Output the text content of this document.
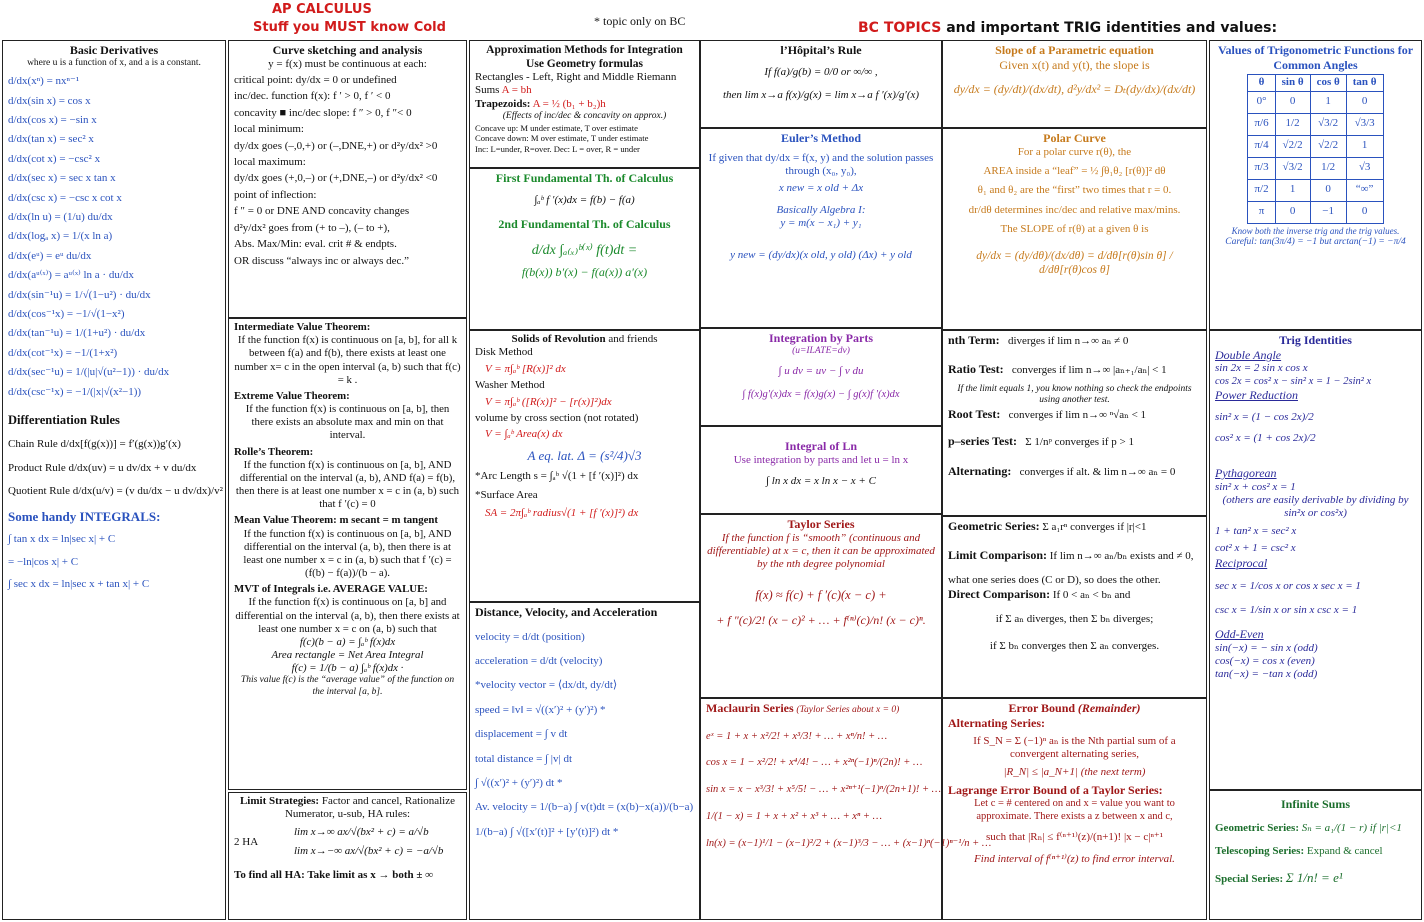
AP CALCULUS
Stuff you MUST know Cold	* topic only on BC	BC TOPICS and important TRIG identities and values:
Basic Derivatives
where u is a function of x, and a is a constant.
d/dx(xⁿ) = nxⁿ⁻¹
d/dx(sin x) = cos x
d/dx(cos x) = −sin x
d/dx(tan x) = sec² x
d/dx(cot x) = −csc² x
d/dx(sec x) = sec x tan x
d/dx(csc x) = −csc x cot x
d/dx(ln u) = (1/u) du/dx
d/dx(logₐ x) = 1/(x ln a)
d/dx(eᵘ) = eᵘ du/dx
d/dx(aᵘ⁽ˣ⁾) = aᵘ⁽ˣ⁾ ln a · du/dx
d/dx(sin⁻¹u) = 1/√(1−u²) · du/dx
d/dx(cos⁻¹x) = −1/√(1−x²)
d/dx(tan⁻¹u) = 1/(1+u²) · du/dx
d/dx(cot⁻¹x) = −1/(1+x²)
d/dx(sec⁻¹u) = 1/(|u|√(u²−1)) · du/dx
d/dx(csc⁻¹x) = −1/(|x|√(x²−1))
Differentiation Rules
Chain Rule d/dx[f(g(x))] = f′(g(x))g′(x)
Product Rule d/dx(uv) = u dv/dx + v du/dx
Quotient Rule d/dx(u/v) = (v du/dx − u dv/dx)/v²
Some handy INTEGRALS:
∫ tan x dx = ln|sec x| + C
= −ln|cos x| + C
∫ sec x dx = ln|sec x + tan x| + C
Curve sketching and analysis
y = f(x) must be continuous at each:
critical point: dy/dx = 0 or undefined
inc/dec. function f(x): f ′ > 0, f ′ < 0
concavity ■ inc/dec slope: f ″ > 0, f ″< 0
local minimum:
dy/dx goes (–,0,+) or (–,DNE,+) or d²y/dx² >0
local maximum:
dy/dx goes (+,0,–) or (+,DNE,–) or d²y/dx² <0
point of inflection:
f ″ = 0 or DNE AND concavity changes
d²y/dx² goes from (+ to –), (– to +),
Abs. Max/Min: eval. crit # & endpts.
OR discuss “always inc or always dec.”
Intermediate Value Theorem:
If the function f(x) is continuous on [a, b], for all k between f(a) and f(b), there exists at least one number x= c in the open interval (a, b) such that f(c) = k .
Extreme Value Theorem:
If the function f(x) is continuous on [a, b], then there exists an absolute max and min on that interval.
Rolle’s Theorem:
If the function f(x) is continuous on [a, b], AND differential on the interval (a, b), AND f(a) = f(b), then there is at least one number x = c in (a, b) such that f ′(c) = 0
Mean Value Theorem: m secant = m tangent
If the function f(x) is continuous on [a, b], AND differential on the interval (a, b), then there is at least one number x = c in (a, b) such that f ′(c) = (f(b) − f(a))/(b − a).
MVT of Integrals i.e. AVERAGE VALUE:
If the function f(x) is continuous on [a, b] and differential on the interval (a, b), then there exists at least one number x = c on (a, b) such that
f(c)(b − a) = ∫ₐᵇ f(x)dx
Area rectangle = Net Area Integral
f(c) = 1/(b − a) ∫ₐᵇ f(x)dx ·
This value f(c) is the “average value” of the function on the interval [a, b].
Limit Strategies: Factor and cancel, Rationalize Numerator, u-sub, HA rules:
2 HA
lim x→∞ ax/√(bx² + c) = a/√b
lim x→−∞ ax/√(bx² + c) = −a/√b
To find all HA: Take limit as x → both ± ∞
Approximation Methods for Integration
Use Geometry formulas
Rectangles - Left, Right and Middle Riemann Sums A = bh
Trapezoids: A = ½ (b₁ + b₂)h
(Effects of inc/dec & concavity on approx.)
Concave up: M under estimate, T over estimate
Concave down: M over estimate, T under estimate
Inc: L=under, R=over. Dec: L = over, R = under
First Fundamental Th. of Calculus
∫ₐᵇ f ′(x)dx = f(b) − f(a)
2nd Fundamental Th. of Calculus
d/dx ∫ₐ₍ₓ₎ᵇ⁽ˣ⁾ f(t)dt =
f(b(x)) b′(x) − f(a(x)) a′(x)
Solids of Revolution and friends
Disk Method
V = π∫ₐᵇ [R(x)]² dx
Washer Method
V = π∫ₐᵇ ([R(x)]² − [r(x)]²)dx
volume by cross section (not rotated)
V = ∫ₐᵇ Area(x) dx
A eq. lat. Δ = (s²/4)√3
*Arc Length s = ∫ₐᵇ √(1 + [f ′(x)]²) dx
*Surface Area
SA = 2π∫ₐᵇ radius√(1 + [f ′(x)]²) dx
Distance, Velocity, and Acceleration
velocity = d/dt (position)
acceleration = d/dt (velocity)
*velocity vector = ⟨dx/dt, dy/dt⟩
speed = ‖v‖ = √((x′)² + (y′)²) *
displacement = ∫ v dt
total distance = ∫ |v| dt
∫ √((x′)² + (y′)²) dt *
Av. velocity = 1/(b−a) ∫ v(t)dt = (x(b)−x(a))/(b−a)
1/(b−a) ∫ √([x′(t)]² + [y′(t)]²) dt *
l’Hôpital’s Rule
If f(a)/g(b) = 0/0 or ∞/∞ ,
then lim x→a f(x)/g(x) = lim x→a f ′(x)/g′(x)
Euler’s Method
If given that dy/dx = f(x, y) and the solution passes through (x₀, y₀),
x new = x old + Δx
Basically Algebra I:
y = m(x − x₁) + y₁
y new = (dy/dx)(x old, y old) (Δx) + y old
Integration by Parts
(u=ILATE=dv)
∫ u dv = uv − ∫ v du
∫ f(x)g′(x)dx = f(x)g(x) − ∫ g(x)f ′(x)dx
Integral of Ln
Use integration by parts and let u = ln x
∫ ln x dx = x ln x − x + C
Taylor Series
If the function f is “smooth” (continuous and differentiable) at x = c, then it can be approximated by the nth degree polynomial
f(x) ≈ f(c) + f ′(c)(x − c) +
+ f ″(c)/2! (x − c)² + … + f⁽ⁿ⁾(c)/n! (x − c)ⁿ.
Maclaurin Series (Taylor Series about x = 0)
eˣ = 1 + x + x²/2! + x³/3! + … + xⁿ/n! + …
cos x = 1 − x²/2! + x⁴/4! − … + x²ⁿ(−1)ⁿ/(2n)! + …
sin x = x − x³/3! + x⁵/5! − … + x²ⁿ⁺¹(−1)ⁿ/(2n+1)! + …
1/(1 − x) = 1 + x + x² + x³ + … + xⁿ + …
ln(x) = (x−1)¹/1 − (x−1)²/2 + (x−1)³/3 − … + (x−1)ⁿ(−1)ⁿ⁻¹/n + …
Slope of a Parametric equation
Given x(t) and y(t), the slope is
dy/dx = (dy/dt)/(dx/dt), d²y/dx² = Dₜ(dy/dx)/(dx/dt)
Polar Curve
For a polar curve r(θ), the
AREA inside a “leaf” = ½ ∫θ₁θ₂ [r(θ)]² dθ
θ₁ and θ₂ are the “first” two times that r = 0.
dr/dθ determines inc/dec and relative max/mins.
The SLOPE of r(θ) at a given θ is
dy/dx = (dy/dθ)/(dx/dθ) = d/dθ[r(θ)sin θ] / d/dθ[r(θ)cos θ]
nth Term: diverges if lim n→∞ aₙ ≠ 0
Ratio Test: converges if lim n→∞ |aₙ₊₁/aₙ| < 1
If the limit equals 1, you know nothing so check the endpoints using another test.
Root Test: converges if lim n→∞ ⁿ√aₙ < 1
p–series Test: Σ 1/nᵖ converges if p > 1
Alternating: converges if alt. & lim n→∞ aₙ = 0
Geometric Series: Σ a₁rⁿ converges if |r|<1
Limit Comparison: If lim n→∞ aₙ/bₙ exists and ≠ 0,
what one series does (C or D), so does the other.
Direct Comparison: If 0 < aₙ < bₙ and
if Σ aₙ diverges, then Σ bₙ diverges;
if Σ bₙ converges then Σ aₙ converges.
Error Bound (Remainder)
Alternating Series:
If S_N = Σ (−1)ⁿ aₙ is the Nth partial sum of a convergent alternating series,
|R_N| ≤ |a_N+1| (the next term)
Lagrange Error Bound of a Taylor Series:
Let c = # centered on and x = value you want to approximate. There exists a z between x and c,
such that |Rₙ| ≤ f⁽ⁿ⁺¹⁾(z)/(n+1)! |x − c|ⁿ⁺¹
Find interval of f⁽ⁿ⁺¹⁾(z) to find error interval.
Values of Trigonometric Functions for Common Angles
θ	sin θ	cos θ	tan θ
0°	0	1	0
π/6	1/2	√3/2	√3/3
π/4	√2/2	√2/2	1
π/3	√3/2	1/2	√3
π/2	1	0	“∞”
π	0	−1	0
Know both the inverse trig and the trig values.
Careful: tan(3π/4) = −1 but arctan(−1) = −π/4
Trig Identities
Double Angle
sin 2x = 2 sin x cos x
cos 2x = cos² x − sin² x = 1 − 2sin² x
Power Reduction
sin² x = (1 − cos 2x)/2
cos² x = (1 + cos 2x)/2
Pythagorean
sin² x + cos² x = 1
(others are easily derivable by dividing by sin²x or cos²x)
1 + tan² x = sec² x
cot² x + 1 = csc² x
Reciprocal
sec x = 1/cos x or cos x sec x = 1
csc x = 1/sin x or sin x csc x = 1
Odd-Even
sin(−x) = − sin x (odd)
cos(−x) = cos x (even)
tan(−x) = −tan x (odd)
Infinite Sums
Geometric Series: Sₙ = a₁/(1 − r) if |r|<1
Telescoping Series: Expand & cancel
Special Series: Σ 1/n! = e¹
